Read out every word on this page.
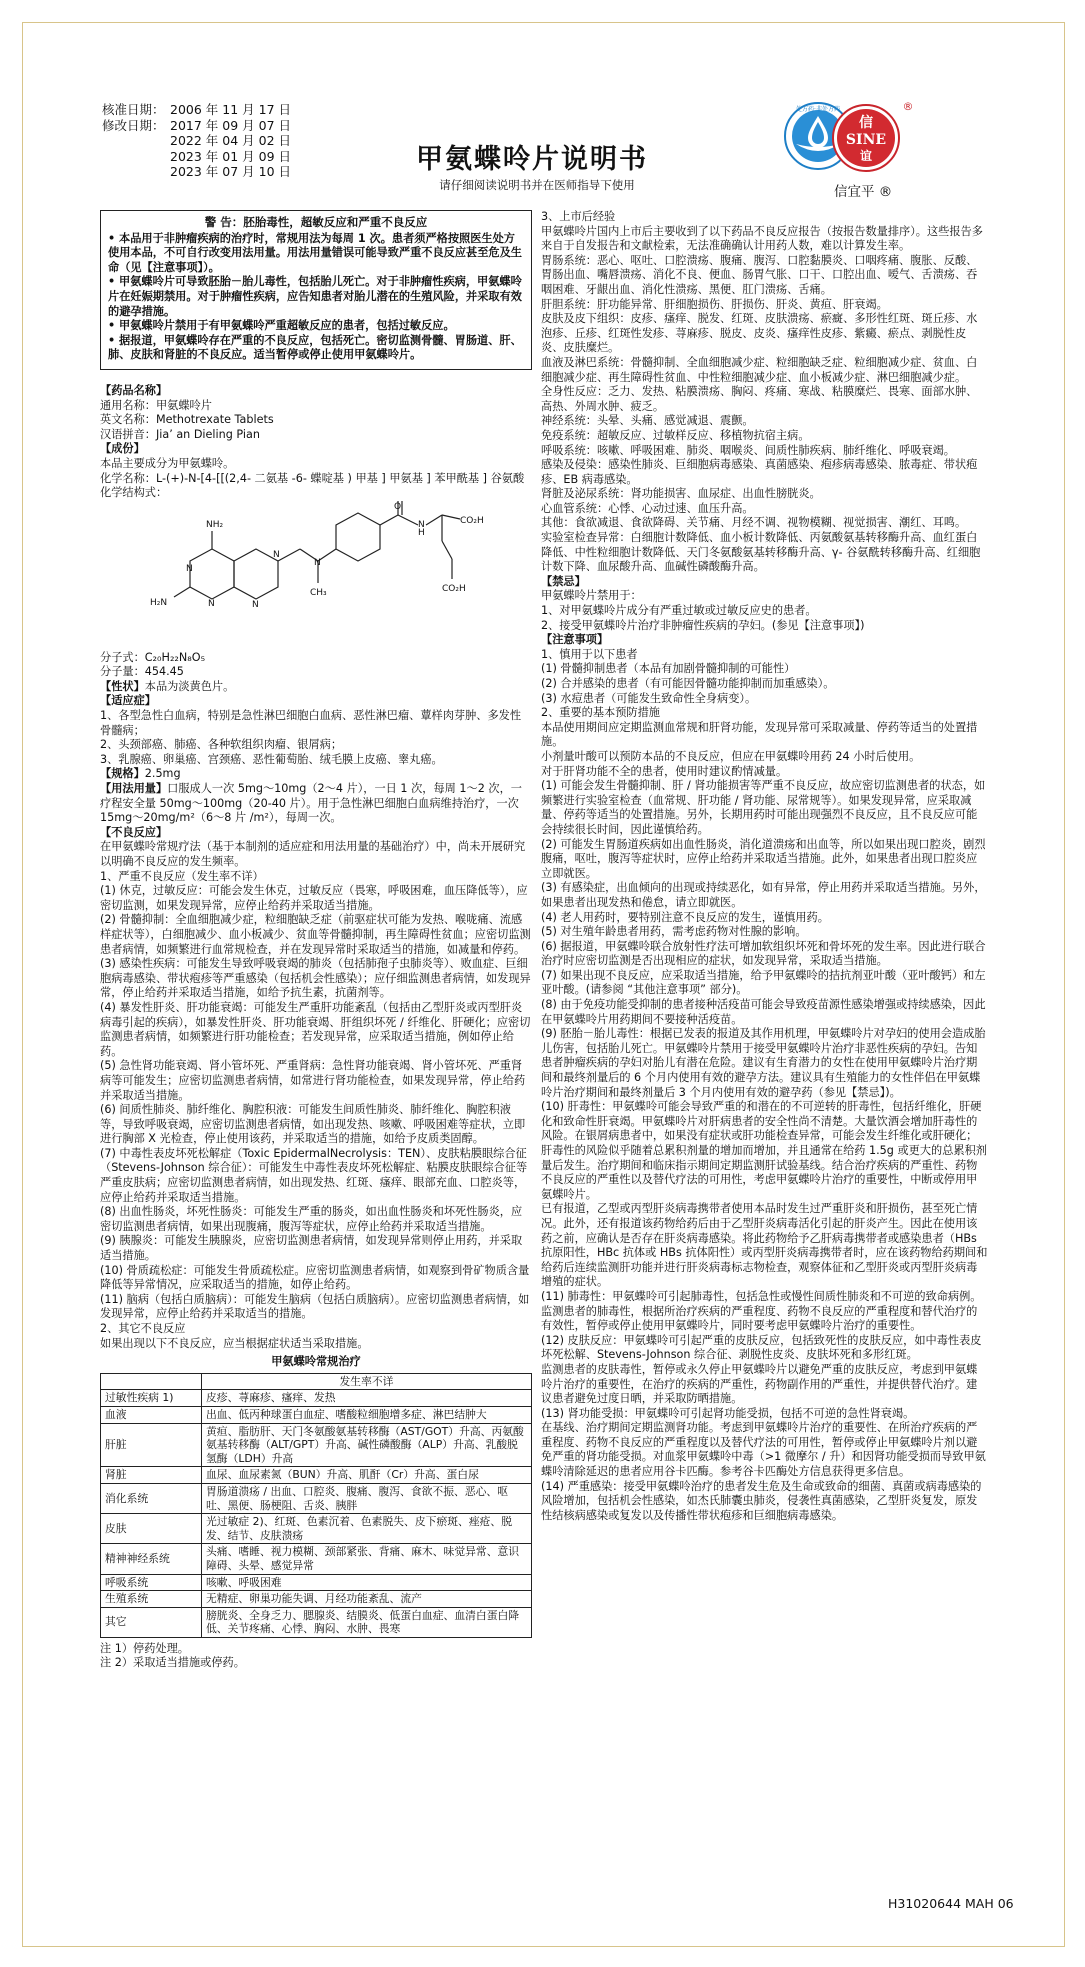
核准日期： 2006 年 11 月 17 日
修改日期： 2017 年 09 月 07 日
2022 年 04 月 02 日
2023 年 01 月 09 日
2023 年 07 月 10 日	甲氨蝶呤片说明书
请仔细阅读说明书并在医师指导下使用
处方药·非处方药
信
SINE
谊
®
信宜平 ®
警 告：胚胎毒性，超敏反应和严重不良反应

• 本品用于非肿瘤疾病的治疗时，常规用法为每周 1 次。患者须严格按照医生处方使用本品，不可自行改变用法用量。用法用量错误可能导致严重不良反应甚至危及生命（见【注意事项】）。

• 甲氨蝶呤片可导致胚胎－胎儿毒性，包括胎儿死亡。对于非肿瘤性疾病，甲氨蝶呤片在妊娠期禁用。对于肿瘤性疾病，应告知患者对胎儿潜在的生殖风险，并采取有效的避孕措施。

• 甲氨蝶呤片禁用于有甲氨蝶呤严重超敏反应的患者，包括过敏反应。

• 据报道，甲氨蝶呤存在严重的不良反应，包括死亡。密切监测骨髓、胃肠道、肝、肺、皮肤和肾脏的不良反应。适当暂停或停止使用甲氨蝶呤片。

【药品名称】

通用名称：甲氨蝶呤片

英文名称：Methotrexate Tablets

汉语拼音：Jia’ an Dieling Pian

【成份】

本品主要成分为甲氨蝶呤。

化学名称：L-(+)-N-[4-[[(2,4- 二氨基 -6- 蝶啶基 ) 甲基 ] 甲氨基 ] 苯甲酰基 ] 谷氨酸

化学结构式：

NH₂
H₂N	N
N
N
N
N
CH₃
O
H
N	CO₂H
CO₂H

分子式：C₂₀H₂₂N₈O₅

分子量：454.45

【性状】本品为淡黄色片。

【适应症】

1、各型急性白血病，特别是急性淋巴细胞白血病、恶性淋巴瘤、蕈样肉芽肿、多发性骨髓病；

2、头颈部癌、肺癌、各种软组织肉瘤、银屑病；

3、乳腺癌、卵巢癌、宫颈癌、恶性葡萄胎、绒毛膜上皮癌、睾丸癌。

【规格】2.5mg

【用法用量】口服成人一次 5mg～10mg（2～4 片），一日 1 次，每周 1～2 次，一疗程安全量 50mg～100mg（20-40 片）。用于急性淋巴细胞白血病维持治疗，一次 15mg～20mg/m²（6～8 片 /m²），每周一次。

【不良反应】

在甲氨蝶呤常规疗法（基于本制剂的适应症和用法用量的基础治疗）中，尚未开展研究以明确不良反应的发生频率。

1、严重不良反应（发生率不详）

(1) 休克，过敏反应：可能会发生休克，过敏反应（畏寒，呼吸困难，血压降低等），应密切监测，如果发现异常，应停止给药并采取适当措施。

(2) 骨髓抑制：全血细胞减少症，粒细胞缺乏症（前驱症状可能为发热、喉咙痛、流感样症状等），白细胞减少、血小板减少、贫血等骨髓抑制，再生障碍性贫血；应密切监测患者病情，如频繁进行血常规检查，并在发现异常时采取适当的措施，如减量和停药。

(3) 感染性疾病：可能发生导致呼吸衰竭的肺炎（包括肺孢子虫肺炎等）、败血症、巨细胞病毒感染、带状疱疹等严重感染（包括机会性感染）；应仔细监测患者病情，如发现异常，停止给药并采取适当措施，如给予抗生素，抗菌剂等。

(4) 暴发性肝炎、肝功能衰竭：可能发生严重肝功能紊乱（包括由乙型肝炎或丙型肝炎病毒引起的疾病），如暴发性肝炎、肝功能衰竭、肝组织坏死 / 纤维化、肝硬化；应密切监测患者病情，如频繁进行肝功能检查；若发现异常，应采取适当措施，例如停止给药。

(5) 急性肾功能衰竭、肾小管坏死、严重肾病：急性肾功能衰竭、肾小管坏死、严重肾病等可能发生；应密切监测患者病情，如常进行肾功能检查，如果发现异常，停止给药并采取适当措施。

(6) 间质性肺炎、肺纤维化、胸腔积液：可能发生间质性肺炎、肺纤维化、胸腔积液等，导致呼吸衰竭，应密切监测患者病情，如出现发热、咳嗽、呼吸困难等症状，立即进行胸部 X 光检查，停止使用该药，并采取适当的措施，如给予皮质类固醇。

(7) 中毒性表皮坏死松解症（Toxic EpidermalNecrolysis：TEN）、皮肤粘膜眼综合征（Stevens-Johnson 综合征）：可能发生中毒性表皮坏死松解症、粘膜皮肤眼综合征等严重皮肤病；应密切监测患者病情，如出现发热、红斑、瘙痒、眼部充血、口腔炎等，应停止给药并采取适当措施。

(8) 出血性肠炎，坏死性肠炎：可能发生严重的肠炎，如出血性肠炎和坏死性肠炎，应密切监测患者病情，如果出现腹痛，腹泻等症状，应停止给药并采取适当措施。

(9) 胰腺炎：可能发生胰腺炎，应密切监测患者病情，如发现异常则停止用药，并采取适当措施。

(10) 骨质疏松症：可能发生骨质疏松症。应密切监测患者病情，如观察到骨矿物质含量降低等异常情况，应采取适当的措施，如停止给药。

(11) 脑病（包括白质脑病）：可能发生脑病（包括白质脑病）。应密切监测患者病情，如发现异常，应停止给药并采取适当的措施。

2、其它不良反应

如果出现以下不良反应，应当根据症状适当采取措施。

甲氨蝶呤常规治疗
	发生率不详
过敏性疾病 1)	皮疹、荨麻疹、瘙痒、发热
血液	出血、低丙种球蛋白血症、嗜酸粒细胞增多症、淋巴结肿大
肝脏	黄疸、脂肪肝、天门冬氨酸氨基转移酶（AST/GOT）升高、丙氨酸氨基转移酶（ALT/GPT）升高、碱性磷酸酶（ALP）升高、乳酸脱氢酶（LDH）升高
肾脏	血尿、血尿素氮（BUN）升高、肌酐（Cr）升高、蛋白尿
消化系统	胃肠道溃疡 / 出血、口腔炎、腹痛、腹泻、食欲不振、恶心、呕吐、黑便、肠梗阻、舌炎、胰胖
皮肤	光过敏症 2)、红斑、色素沉着、色素脱失、皮下瘀斑、痤疮、脱发、结节、皮肤溃疡
精神神经系统	头痛、嗜睡、视力模糊、颈部紧张、背痛、麻木、味觉异常、意识障碍、头晕、感觉异常
呼吸系统	咳嗽、呼吸困难
生殖系统	无精症、卵巢功能失调、月经功能紊乱、流产
其它	膀胱炎、全身乏力、腮腺炎、结膜炎、低蛋白血症、血清白蛋白降低、关节疼痛、心悸、胸闷、水肿、畏寒

注 1）停药处理。

注 2）采取适当措施或停药。

3、上市后经验

甲氨蝶呤片国内上市后主要收到了以下药品不良反应报告（按报告数量排序）。这些报告多来自于自发报告和文献检索，无法准确确认计用药人数，难以计算发生率。

胃肠系统：恶心、呕吐、口腔溃疡、腹痛、腹泻、口腔黏膜炎、口咽疼痛、腹胀、反酸、胃肠出血、嘴唇溃疡、消化不良、便血、肠胃气胀、口干、口腔出血、嗳气、舌溃疡、吞咽困难、牙龈出血、消化性溃疡、黑便、肛门溃疡、舌痛。

肝胆系统：肝功能异常、肝细胞损伤、肝损伤、肝炎、黄疸、肝衰竭。

皮肤及皮下组织：皮疹、瘙痒、脱发、红斑、皮肤溃疡、瘀癍、多形性红斑、斑丘疹、水泡疹、丘疹、红斑性发疹、荨麻疹、脱皮、皮炎、瘙痒性皮疹、紫癜、瘀点、剥脱性皮炎、皮肤糜烂。

血液及淋巴系统：骨髓抑制、全血细胞减少症、粒细胞缺乏症、粒细胞减少症、贫血、白细胞减少症、再生障碍性贫血、中性粒细胞减少症、血小板减少症、淋巴细胞减少症。

全身性反应：乏力、发热、粘膜溃疡、胸闷、疼痛、寒战、粘膜糜烂、畏寒、面部水肿、高热、外周水肿、疲乏。

神经系统：头晕、头痛、感觉减退、震颤。

免疫系统：超敏反应、过敏样反应、移植物抗宿主病。

呼吸系统：咳嗽、呼吸困难、肺炎、咽喉炎、间质性肺疾病、肺纤维化、呼吸衰竭。

感染及侵染：感染性肺炎、巨细胞病毒感染、真菌感染、疱疹病毒感染、脓毒症、带状疱疹、EB 病毒感染。

肾脏及泌尿系统：肾功能损害、血尿症、出血性膀胱炎。

心血管系统：心悸、心动过速、血压升高。

其他：食欲减退、食欲降碍、关节痛、月经不调、视物模糊、视觉损害、潮红、耳鸣。

实验室检查异常：白细胞计数降低、血小板计数降低、丙氨酸氨基转移酶升高、血红蛋白降低、中性粒细胞计数降低、天门冬氨酸氨基转移酶升高、γ- 谷氨酰转移酶升高、红细胞计数下降、血尿酸升高、血碱性磷酸酶升高。

【禁忌】

甲氨蝶呤片禁用于：

1、对甲氨蝶呤片成分有严重过敏或过敏反应史的患者。

2、接受甲氨蝶呤片治疗非肿瘤性疾病的孕妇。(参见【注意事项】)

【注意事项】

1、慎用于以下患者

(1) 骨髓抑制患者（本品有加剧骨髓抑制的可能性）

(2) 合并感染的患者（有可能因骨髓功能抑制而加重感染）。

(3) 水痘患者（可能发生致命性全身病变）。

2、重要的基本预防措施

本品使用期间应定期监测血常规和肝肾功能，发现异常可采取减量、停药等适当的处置措施。

小剂量叶酸可以预防本品的不良反应，但应在甲氨蝶呤用药 24 小时后使用。

对于肝肾功能不全的患者，使用时建议酌情减量。

(1) 可能会发生骨髓抑制、肝 / 肾功能损害等严重不良反应，故应密切监测患者的状态，如频繁进行实验室检查（血常规、肝功能 / 肾功能、尿常规等）。如果发现异常，应采取减量、停药等适当的处置措施。另外，长期用药时可能出现强烈不良反应，且不良反应可能会持续很长时间，因此谨慎给药。

(2) 可能发生胃肠道疾病如出血性肠炎，消化道溃疡和出血等，所以如果出现口腔炎，剧烈腹痛，呕吐，腹泻等症状时，应停止给药并采取适当措施。此外，如果患者出现口腔炎应立即就医。

(3) 有感染症，出血倾向的出现或持续恶化，如有异常，停止用药并采取适当措施。另外，如果患者出现发热和倦怠，请立即就医。

(4) 老人用药时，要特别注意不良反应的发生，谨慎用药。

(5) 对生殖年龄患者用药，需考虑药物对性腺的影响。

(6) 据报道，甲氨蝶呤联合放射性疗法可增加软组织坏死和骨坏死的发生率。因此进行联合治疗时应密切监测是否出现相应的症状，如发现异常，采取适当措施。

(7) 如果出现不良反应，应采取适当措施，给予甲氨蝶呤的拮抗剂亚叶酸（亚叶酸钙）和左亚叶酸。(请参阅 “其他注意事项” 部分)。

(8) 由于免疫功能受抑制的患者接种活疫苗可能会导致疫苗源性感染增强或持续感染，因此在甲氨蝶呤片用药期间不要接种活疫苗。

(9) 胚胎－胎儿毒性：根据已发表的报道及其作用机理，甲氨蝶呤片对孕妇的使用会造成胎儿伤害，包括胎儿死亡。甲氨蝶呤片禁用于接受甲氨蝶呤片治疗非恶性疾病的孕妇。告知患者肿瘤疾病的孕妇对胎儿有潜在危险。建议有生育潜力的女性在使用甲氨蝶呤片治疗期间和最终剂量后的 6 个月内使用有效的避孕方法。建议具有生殖能力的女性伴侣在甲氨蝶呤片治疗期间和最终剂量后 3 个月内使用有效的避孕药（参见【禁忌】)。

(10) 肝毒性：甲氨蝶呤可能会导致严重的和潜在的不可逆转的肝毒性，包括纤维化，肝硬化和致命性肝衰竭。甲氨蝶呤片对肝病患者的安全性尚不清楚。大量饮酒会增加肝毒性的风险。在银屑病患者中，如果没有症状或肝功能检查异常，可能会发生纤维化或肝硬化；肝毒性的风险似乎随着总累积剂量的增加而增加，并且通常在给药 1.5g 或更大的总累积剂量后发生。治疗期间和临床指示期间定期监测肝试验基线。结合治疗疾病的严重性、药物不良反应的严重性以及替代疗法的可用性，考虑甲氨蝶呤片治疗的重要性，中断或停用甲氨蝶呤片。

已有报道，乙型或丙型肝炎病毒携带者使用本品时发生过严重肝炎和肝损伤，甚至死亡情况。此外，还有报道该药物给药后由于乙型肝炎病毒活化引起的肝炎产生。因此在使用该药之前，应确认是否存在肝炎病毒感染。将此药物给予乙肝病毒携带者或感染患者（HBs 抗原阳性，HBc 抗体或 HBs 抗体阳性）或丙型肝炎病毒携带者时，应在该药物给药期间和给药后连续监测肝功能并进行肝炎病毒标志物检查，观察体征和乙型肝炎或丙型肝炎病毒增殖的症状。

(11) 肺毒性：甲氨蝶呤可引起肺毒性，包括急性或慢性间质性肺炎和不可逆的致命病例。监测患者的肺毒性，根据所治疗疾病的严重程度、药物不良反应的严重程度和替代治疗的有效性，暂停或停止使用甲氨蝶呤片，同时要考虑甲氨蝶呤片治疗的重要性。

(12) 皮肤反应：甲氨蝶呤可引起严重的皮肤反应，包括致死性的皮肤反应，如中毒性表皮坏死松解、Stevens-Johnson 综合征、剥脱性皮炎、皮肤坏死和多形红斑。

监测患者的皮肤毒性，暂停或永久停止甲氨蝶呤片以避免严重的皮肤反应，考虑到甲氨蝶呤片治疗的重要性，在治疗的疾病的严重性，药物副作用的严重性，并提供替代治疗。建议患者避免过度日晒，并采取防晒措施。

(13) 肾功能受损：甲氨蝶呤可引起肾功能受损，包括不可逆的急性肾衰竭。

在基线、治疗期间定期监测肾功能。考虑到甲氨蝶呤片治疗的重要性、在所治疗疾病的严重程度、药物不良反应的严重程度以及替代疗法的可用性，暂停或停止甲氨蝶呤片剂以避免严重的肾功能受损。对血浆甲氨蝶呤中毒（>1 微摩尔 / 升）和因肾功能受损而导致甲氨蝶呤清除延迟的患者应用谷卡匹酶。参考谷卡匹酶处方信息获得更多信息。

(14) 严重感染：接受甲氨蝶呤治疗的患者发生危及生命或致命的细菌、真菌或病毒感染的风险增加，包括机会性感染，如杰氏肺囊虫肺炎，侵袭性真菌感染，乙型肝炎复发，原发性结核病感染或复发以及传播性带状疱疹和巨细胞病毒感染。

H31020644 MAH 06
